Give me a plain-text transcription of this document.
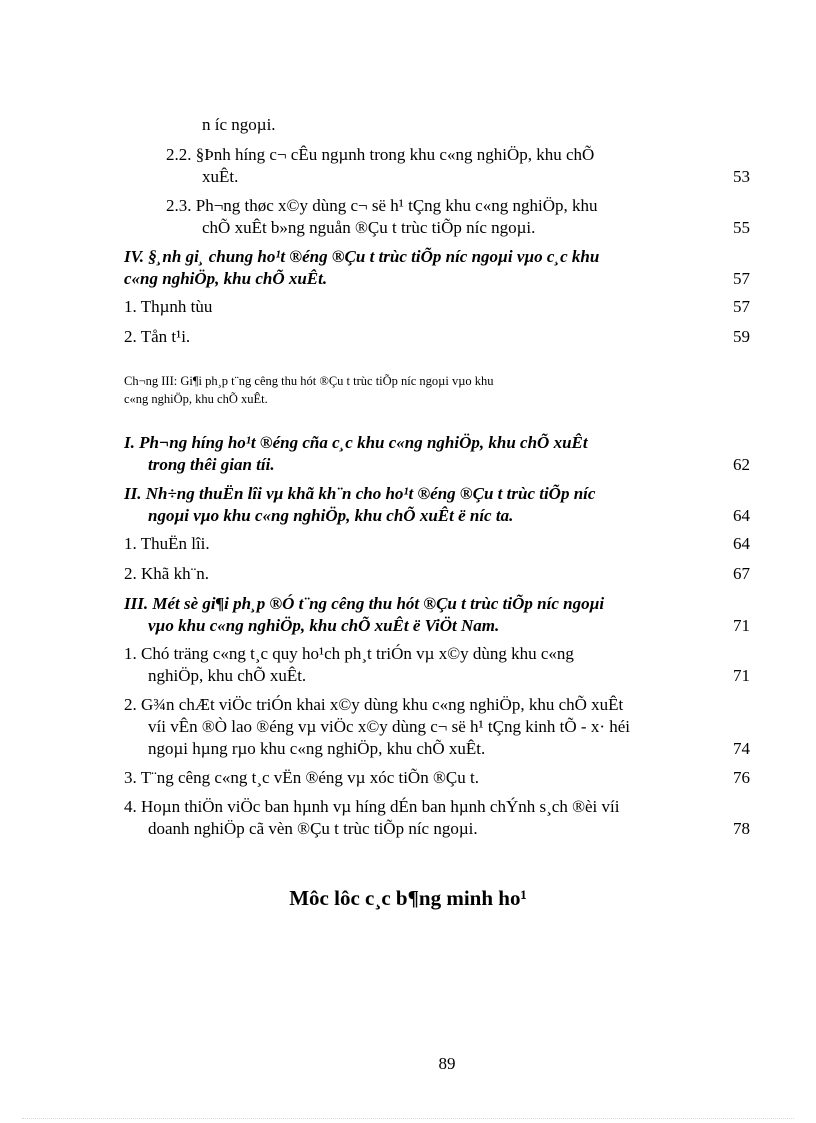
n íc ngoµi.
2.2. §Þnh híng c¬ cÊu ngµnh trong khu c«ng nghiÖp, khu chÕ
xuÊt.	53
2.3. Ph¬ng thøc x©y dùng c¬ së h¹ tÇng khu c«ng nghiÖp, khu
chÕ xuÊt b»ng nguån ®Çu t trùc tiÕp níc ngoµi.	55
IV. §¸nh gi¸ chung ho¹t ®éng ®Çu t trùc tiÕp níc ngoµi vµo c¸c khu
c«ng nghiÖp, khu chÕ xuÊt.	57
1. Thµnh tùu	57
2. Tån t¹i.	59
Ch¬ng III: Gi¶i ph¸p t¨ng cêng thu hót ®Çu t trùc tiÕp níc ngoµi vµo khu
c«ng nghiÖp, khu chÕ xuÊt.
I. Ph¬ng híng ho¹t ®éng cña c¸c khu c«ng nghiÖp, khu chÕ xuÊt
trong thêi gian tíi.	62
II. Nh÷ng thuËn lîi vµ khã kh¨n cho ho¹t ®éng ®Çu t trùc tiÕp níc
ngoµi vµo khu c«ng nghiÖp, khu chÕ xuÊt ë níc ta.	64
1. ThuËn lîi.	64
2. Khã kh¨n.	67
III. Mét sè gi¶i ph¸p ®Ó t¨ng cêng thu hót ®Çu t trùc tiÕp níc ngoµi
vµo khu c«ng nghiÖp, khu chÕ xuÊt ë ViÖt Nam.	71
1. Chó träng c«ng t¸c quy ho¹ch ph¸t triÓn vµ x©y dùng khu c«ng
nghiÖp, khu chÕ xuÊt.	71
2. G¾n chÆt viÖc triÓn khai x©y dùng khu c«ng nghiÖp, khu chÕ xuÊt
víi vÊn ®Ò lao ®éng vµ viÖc x©y dùng c¬ së h¹ tÇng kinh tÕ - x· héi
ngoµi hµng rµo khu c«ng nghiÖp, khu chÕ xuÊt.	74
3. T¨ng cêng c«ng t¸c vËn ®éng vµ xóc tiÕn ®Çu t.	76
4. Hoµn thiÖn viÖc ban hµnh vµ híng dÉn ban hµnh chÝnh s¸ch ®èi víi
doanh nghiÖp cã vèn ®Çu t trùc tiÕp níc ngoµi.	78
Môc lôc c¸c b¶ng minh ho¹
89
